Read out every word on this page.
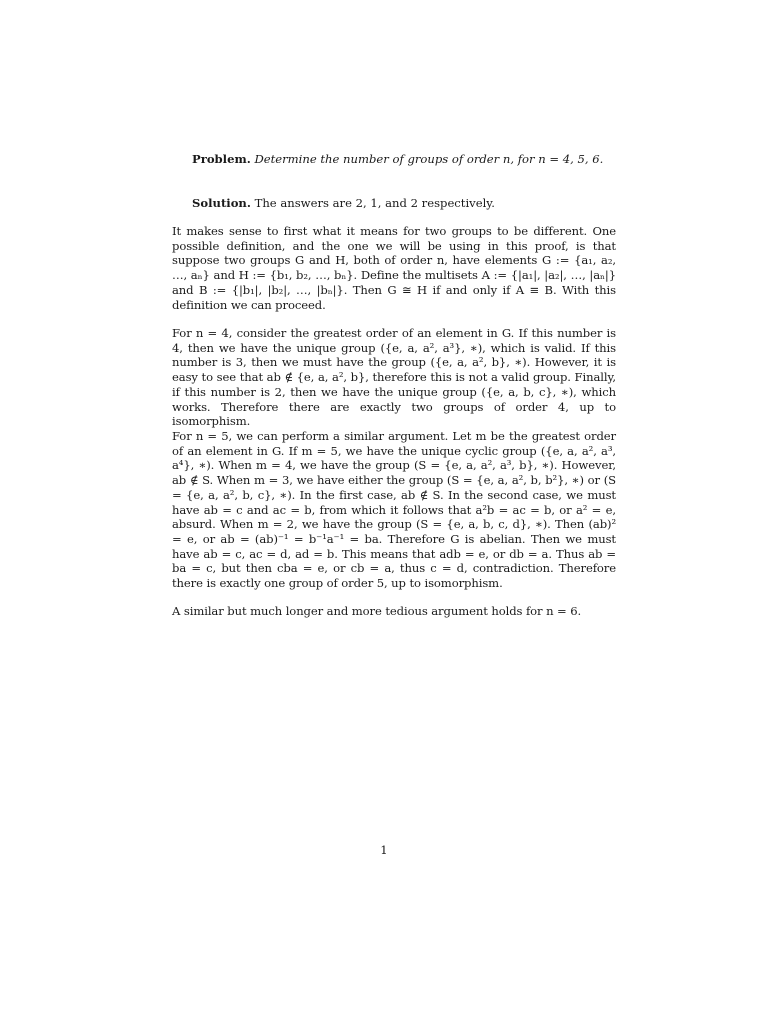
Problem. Determine the number of groups of order n, for n = 4, 5, 6.
Solution. The answers are 2, 1, and 2 respectively.
It makes sense to first what it means for two groups to be different. One possible definition, and the one we will be using in this proof, is that suppose two groups G and H, both of order n, have elements G := {a₁, a₂, …, aₙ} and H := {b₁, b₂, …, bₙ}. Define the multisets A := {|a₁|, |a₂|, …, |aₙ|} and B := {|b₁|, |b₂|, …, |bₙ|}. Then G ≅ H if and only if A ≡ B. With this definition we can proceed.
For n = 4, consider the greatest order of an element in G. If this number is 4, then we have the unique group ({e, a, a², a³}, ∗), which is valid. If this number is 3, then we must have the group ({e, a, a², b}, ∗). However, it is easy to see that ab ∉ {e, a, a², b}, therefore this is not a valid group. Finally, if this number is 2, then we have the unique group ({e, a, b, c}, ∗), which works. Therefore there are exactly two groups of order 4, up to isomorphism.
For n = 5, we can perform a similar argument. Let m be the greatest order of an element in G. If m = 5, we have the unique cyclic group ({e, a, a², a³, a⁴}, ∗). When m = 4, we have the group (S = {e, a, a², a³, b}, ∗). However, ab ∉ S. When m = 3, we have either the group (S = {e, a, a², b, b²}, ∗) or (S = {e, a, a², b, c}, ∗). In the first case, ab ∉ S. In the second case, we must have ab = c and ac = b, from which it follows that a²b = ac = b, or a² = e, absurd. When m = 2, we have the group (S = {e, a, b, c, d}, ∗). Then (ab)² = e, or ab = (ab)⁻¹ = b⁻¹a⁻¹ = ba. Therefore G is abelian. Then we must have ab = c, ac = d, ad = b. This means that adb = e, or db = a. Thus ab = ba = c, but then cba = e, or cb = a, thus c = d, contradiction. Therefore there is exactly one group of order 5, up to isomorphism.
A similar but much longer and more tedious argument holds for n = 6.
1
